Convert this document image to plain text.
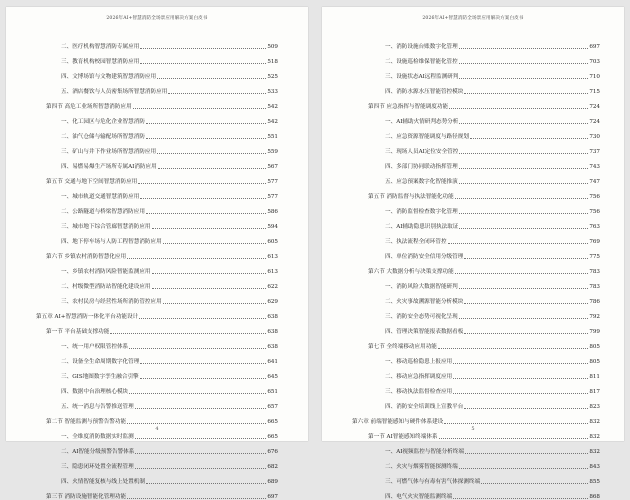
2026年AI+智慧消防全场景应用解决方案白皮书
二、医疗机构智慧消防专属应用	509
三、教育机构校园智慧消防应用	518
四、文博场馆与文物建筑智慧消防应用	525
五、酒店餐饮与人员密集场所智慧消防应用	533
第四节 高危工业场所智慧消防应用	542
一、化工园区与危化企业智慧消防	542
二、油气仓储与输配场所智慧消防	551
三、矿山与井下作业场所智慧消防应用	559
四、易燃易爆生产场所专属AI消防应用	567
第五节 交通与地下空间智慧消防应用	577
一、城市轨道交通智慧消防应用	577
二、公路隧道与桥梁智慧消防应用	586
三、城市地下综合管廊智慧消防应用	594
四、地下停车场与人防工程智慧消防应用	605
第六节 乡镇农村消防智慧化应用	613
一、乡镇农村消防风险智能监测应用	613
二、村级微型消防站智能化建设应用	622
三、农村民房与经营性场所消防管控应用	629
第五章 AI+智慧消防一体化平台功能设计	638
第一节 平台基础支撑功能	638
一、统一用户权限管控体系	638
二、设备全生命周期数字化管理	641
三、GIS地图数字孪生融合引擎	645
四、数据中台治理核心模块	651
五、统一消息与告警推送管理	657
第二节 智能监测与预警告警功能	665
一、全维度消防数据实时监测	665
二、AI智能分级预警告警体系	676
三、隐患闭环处置全流程管理	682
四、火情智能复核与线上处置机制	689
第三节 消防设施智能化管理功能	697
4
2026年AI+智慧消防全场景应用解决方案白皮书
一、消防设施台账数字化管理	697
二、设施巡检维保智能化管控	703
三、设施状态AI远程监测研判	710
四、消防水源水压智能管控模块	715
第四节 应急指挥与智能调度功能	724
一、AI辅助火情研判态势分析	724
二、应急资源智能调度与路径规划	730
三、现场人员AI定位安全管控	737
四、多部门协同联动指挥管理	743
五、应急预案数字化智能推演	747
第五节 消防监督与执法智能化功能	756
一、消防监督检查数字化管理	756
二、AI辅助隐患识别执法取证	763
三、执法流程全闭环管控	769
四、单位消防安全信用分级管理	775
第六节 大数据分析与决策支撑功能	783
一、消防风险大数据智能研判	783
二、火灾事故溯源智能分析模块	786
三、消防安全态势可视化呈现	792
四、管理决策智能报表数据看板	799
第七节 全终端移动应用功能	805
一、移动巡检隐患上报应用	805
二、移动应急指挥调度应用	811
三、移动执法监督检查应用	817
四、消防安全培训线上宣教平台	823
第六章 前端智能感知与硬件体系建设	832
第一节 AI智能感知终端体系	832
一、AI视频监控与智能分析终端	832
二、火灾与烟雾智能探测终端	843
三、可燃气体与有毒有害气体探测终端	855
四、电气火灾智能监测终端	868
5
